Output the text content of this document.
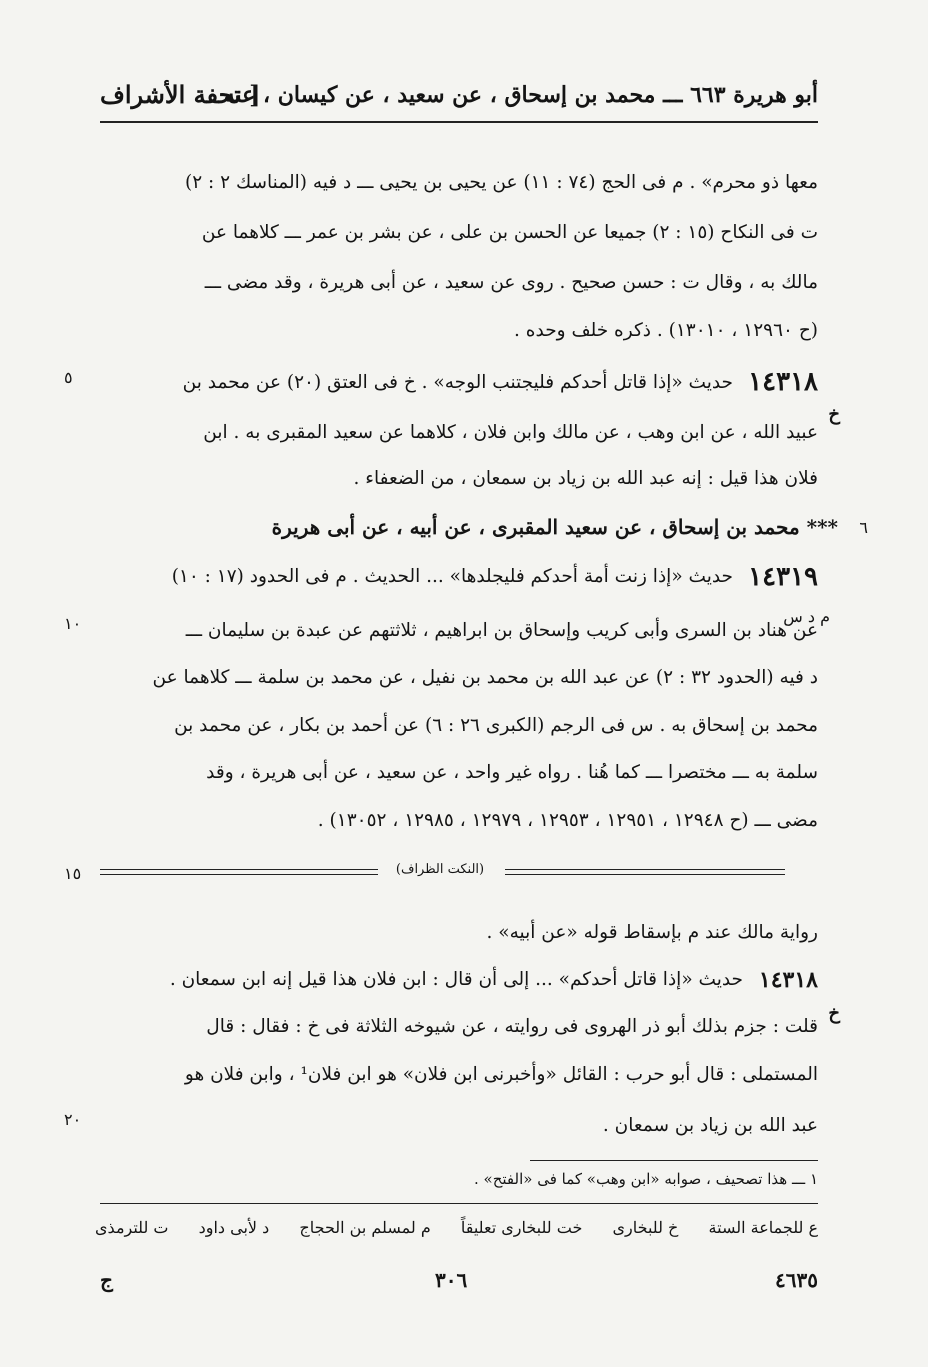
أبو هريرة ٦٦٣ ـــ محمد بن إسحاق ، عن سعيد ، عن كيسان ، عنه
[ تحفة الأشراف
معها ذو محرم» . م فى الحج (٧٤ : ١١) عن يحيى بن يحيى ـــ د فيه (المناسك ٢ : ٢)
ت فى النكاح (١٥ : ٢) جميعا عن الحسن بن على ، عن بشر بن عمر ـــ كلاهما عن
مالك به ، وقال ت : حسن صحيح . روى عن سعيد ، عن أبى هريرة ، وقد مضى ـــ
(ح ١٢٩٦٠ ، ١٣٠١٠) . ذكره خلف وحده .
١٤٣١٨
حديث «إذا قاتل أحدكم فليجتنب الوجه» . خ فى العتق (٢٠) عن محمد بن
خ
عبيد الله ، عن ابن وهب ، عن مالك وابن فلان ، كلاهما عن سعيد المقبرى به . ابن
فلان هذا قيل : إنه عبد الله بن زياد بن سمعان ، من الضعفاء .
*** محمد بن إسحاق ، عن سعيد المقبرى ، عن أبيه ، عن أبى هريرة
١٤٣١٩
حديث «إذا زنت أمة أحدكم فليجلدها» ... الحديث . م فى الحدود (١٧ : ١٠)
م د س
عن هناد بن السرى وأبى كريب وإسحاق بن ابراهيم ، ثلاثتهم عن عبدة بن سليمان ـــ
د فيه (الحدود ٣٢ : ٢) عن عبد الله بن محمد بن نفيل ، عن محمد بن سلمة ـــ كلاهما عن
محمد بن إسحاق به . س فى الرجم (الكبرى ٢٦ : ٦) عن أحمد بن بكار ، عن محمد بن
سلمة به ـــ مختصرا ـــ كما هُنا . رواه غير واحد ، عن سعيد ، عن أبى هريرة ، وقد
مضى ـــ (ح ١٢٩٤٨ ، ١٢٩٥١ ، ١٢٩٥٣ ، ١٢٩٧٩ ، ١٢٩٨٥ ، ١٣٠٥٢) .
٥
٦
١٠
١٥
٢٠
(النكت الظراف)
رواية مالك عند م بإسقاط قوله «عن أبيه» .
١٤٣١٨
حديث «إذا قاتل أحدكم» ... إلى أن قال : ابن فلان هذا قيل إنه ابن سمعان .
خ
قلت : جزم بذلك أبو ذر الهروى فى روايته ، عن شيوخه الثلاثة فى خ : فقال : قال
المستملى : قال أبو حرب : القائل «وأخبرنى ابن فلان» هو ابن فلان¹ ، وابن فلان هو
عبد الله بن زياد بن سمعان .
١ ـــ هذا تصحيف ، صوابه «ابن وهب» كما فى «الفتح» .
ع للجماعة الستة
خ للبخارى
خت للبخارى تعليقاً
م لمسلم بن الحجاج
د لأبى داود
ت للترمذى
٤٦٣٥
٣٠٦
ج
